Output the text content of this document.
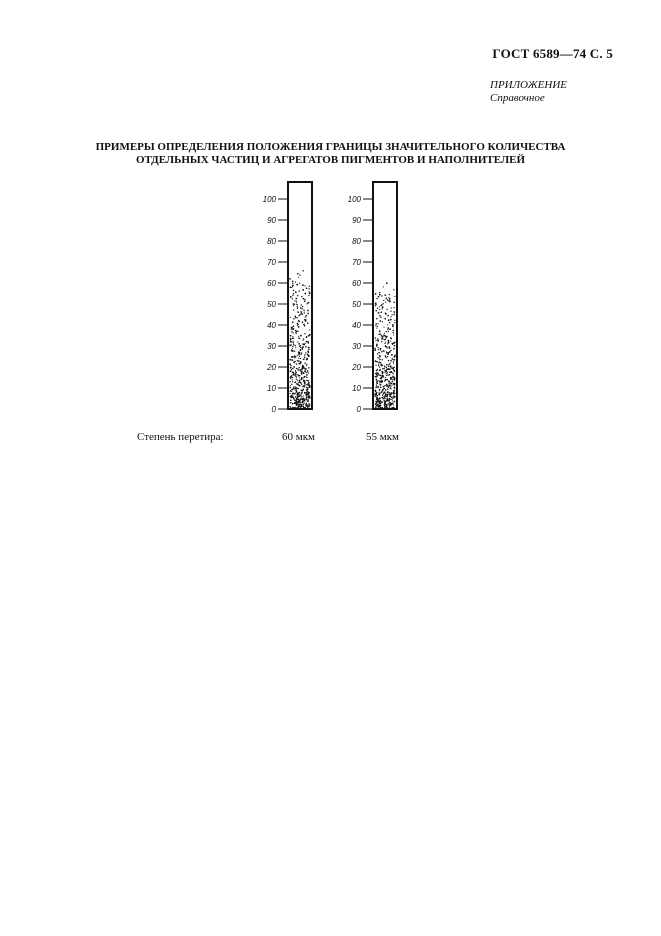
ГОСТ 6589—74 С. 5
ПРИЛОЖЕНИЕ
Справочное
ПРИМЕРЫ ОПРЕДЕЛЕНИЯ ПОЛОЖЕНИЯ ГРАНИЦЫ ЗНАЧИТЕЛЬНОГО КОЛИЧЕСТВА
ОТДЕЛЬНЫХ ЧАСТИЦ И АГРЕГАТОВ ПИГМЕНТОВ И НАПОЛНИТЕЛЕЙ
0
10
20
30
40
50
60
70
80
90
100
0
10
20
30
40
50
60
70
80
90
100
Степень перетира:	60 мкм	55 мкм
